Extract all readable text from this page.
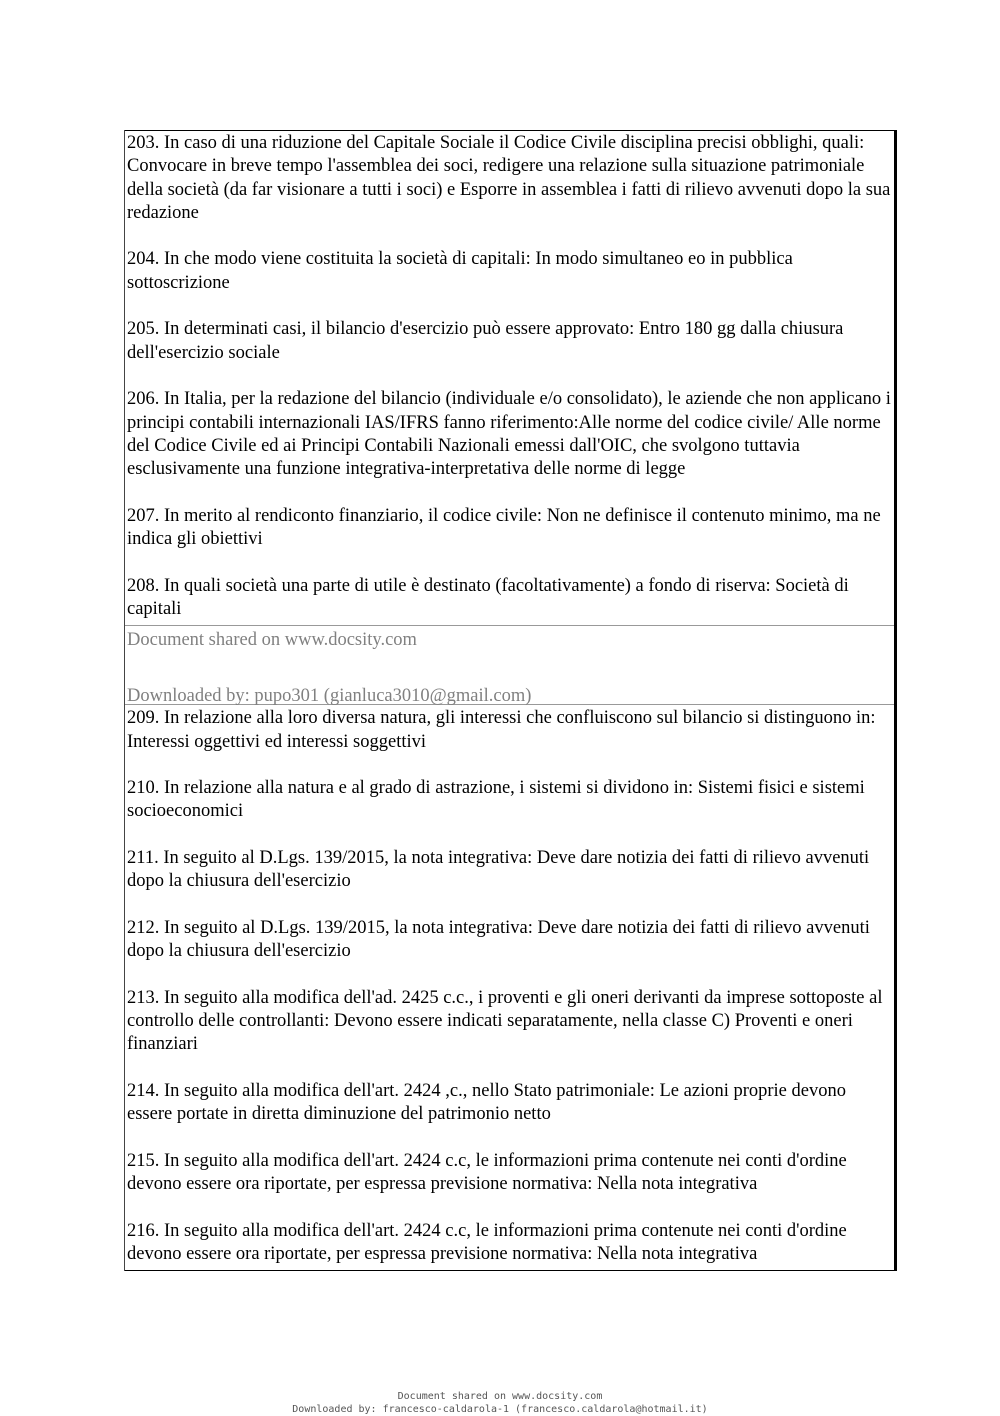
203. In caso di una riduzione del Capitale Sociale il Codice Civile disciplina precisi obblighi, quali: Convocare in breve tempo l'assemblea dei soci, redigere una relazione sulla situazione patrimoniale della società (da far visionare a tutti i soci) e Esporre in assemblea i fatti di rilievo avvenuti dopo la sua redazione

204. In che modo viene costituita la società di capitali: In modo simultaneo eo in pubblica sottoscrizione

205. In determinati casi, il bilancio d'esercizio può essere approvato: Entro 180 gg dalla chiusura dell'esercizio sociale

206. In Italia, per la redazione del bilancio (individuale e/o consolidato), le aziende che non applicano i principi contabili internazionali IAS/IFRS fanno riferimento:Alle norme del codice civile/ Alle norme del Codice Civile ed ai Principi Contabili Nazionali emessi dall'OIC, che svolgono tuttavia esclusivamente una funzione integrativa-interpretativa delle norme di legge

207. In merito al rendiconto finanziario, il codice civile: Non ne definisce il contenuto minimo, ma ne indica gli obiettivi

208. In quali società una parte di utile è destinato (facoltativamente) a fondo di riserva: Società di capitali

Document shared on www.docsity.com

Downloaded by: pupo301 (gianluca3010@gmail.com)

209. In relazione alla loro diversa natura, gli interessi che confluiscono sul bilancio si distinguono in: Interessi oggettivi ed interessi soggettivi

210. In relazione alla natura e al grado di astrazione, i sistemi si dividono in: Sistemi fisici e sistemi socioeconomici

211. In seguito al D.Lgs. 139/2015, la nota integrativa: Deve dare notizia dei fatti di rilievo avvenuti dopo la chiusura dell'esercizio

212. In seguito al D.Lgs. 139/2015, la nota integrativa: Deve dare notizia dei fatti di rilievo avvenuti dopo la chiusura dell'esercizio

213. In seguito alla modifica dell'ad. 2425 c.c., i proventi e gli oneri derivanti da imprese sottoposte al controllo delle controllanti: Devono essere indicati separatamente, nella classe C) Proventi e oneri finanziari

214. In seguito alla modifica dell'art. 2424 ,c., nello Stato patrimoniale: Le azioni proprie devono essere portate in diretta diminuzione del patrimonio netto

215. In seguito alla modifica dell'art. 2424 c.c, le informazioni prima contenute nei conti d'ordine devono essere ora riportate, per espressa previsione normativa: Nella nota integrativa

216. In seguito alla modifica dell'art. 2424 c.c, le informazioni prima contenute nei conti d'ordine devono essere ora riportate, per espressa previsione normativa: Nella nota integrativa

Document shared on www.docsity.com
Downloaded by: francesco-caldarola-1 (francesco.caldarola@hotmail.it)
